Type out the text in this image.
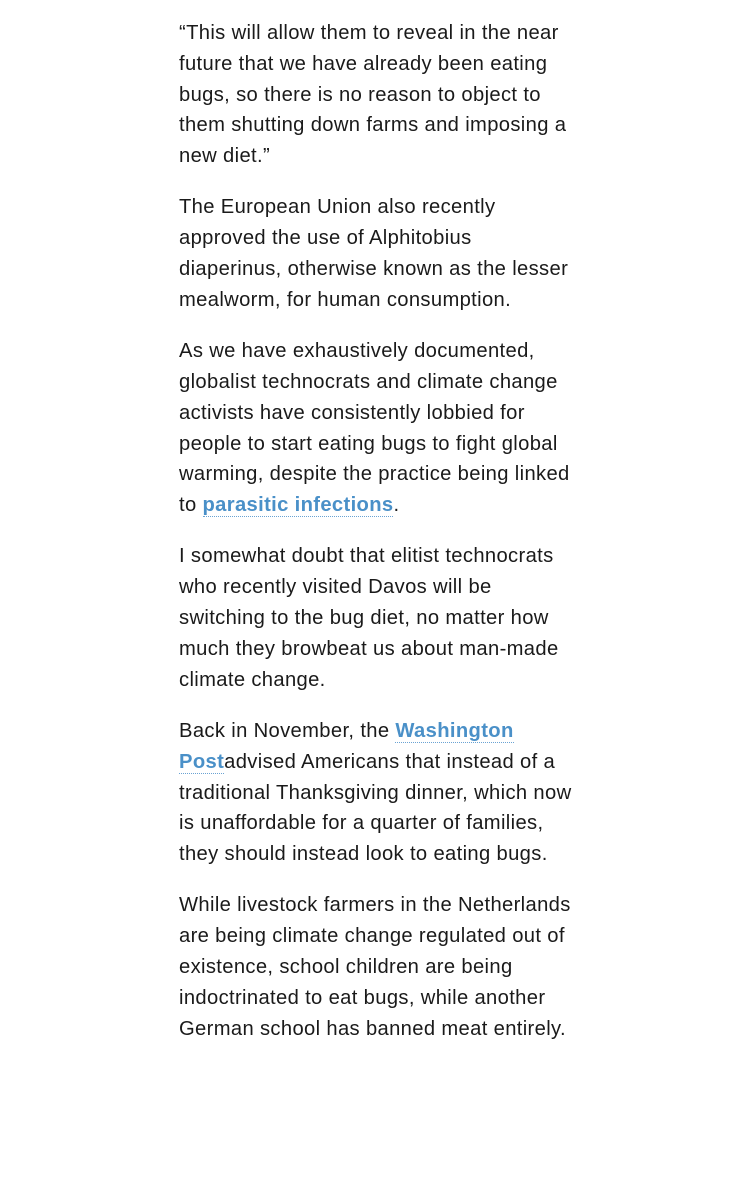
“This will allow them to reveal in the near future that we have already been eating bugs, so there is no reason to object to them shutting down farms and imposing a new diet.”

The European Union also recently approved the use of Alphitobius diaperinus, otherwise known as the lesser mealworm, for human consumption.

As we have exhaustively documented, globalist technocrats and climate change activists have consistently lobbied for people to start eating bugs to fight global warming, despite the practice being linked to parasitic infections.

I somewhat doubt that elitist technocrats who recently visited Davos will be switching to the bug diet, no matter how much they browbeat us about man-made climate change.

Back in November, the Washington Postadvised Americans that instead of a traditional Thanksgiving dinner, which now is unaffordable for a quarter of families, they should instead look to eating bugs.

While livestock farmers in the Netherlands are being climate change regulated out of existence, school children are being indoctrinated to eat bugs, while another German school has banned meat entirely.
